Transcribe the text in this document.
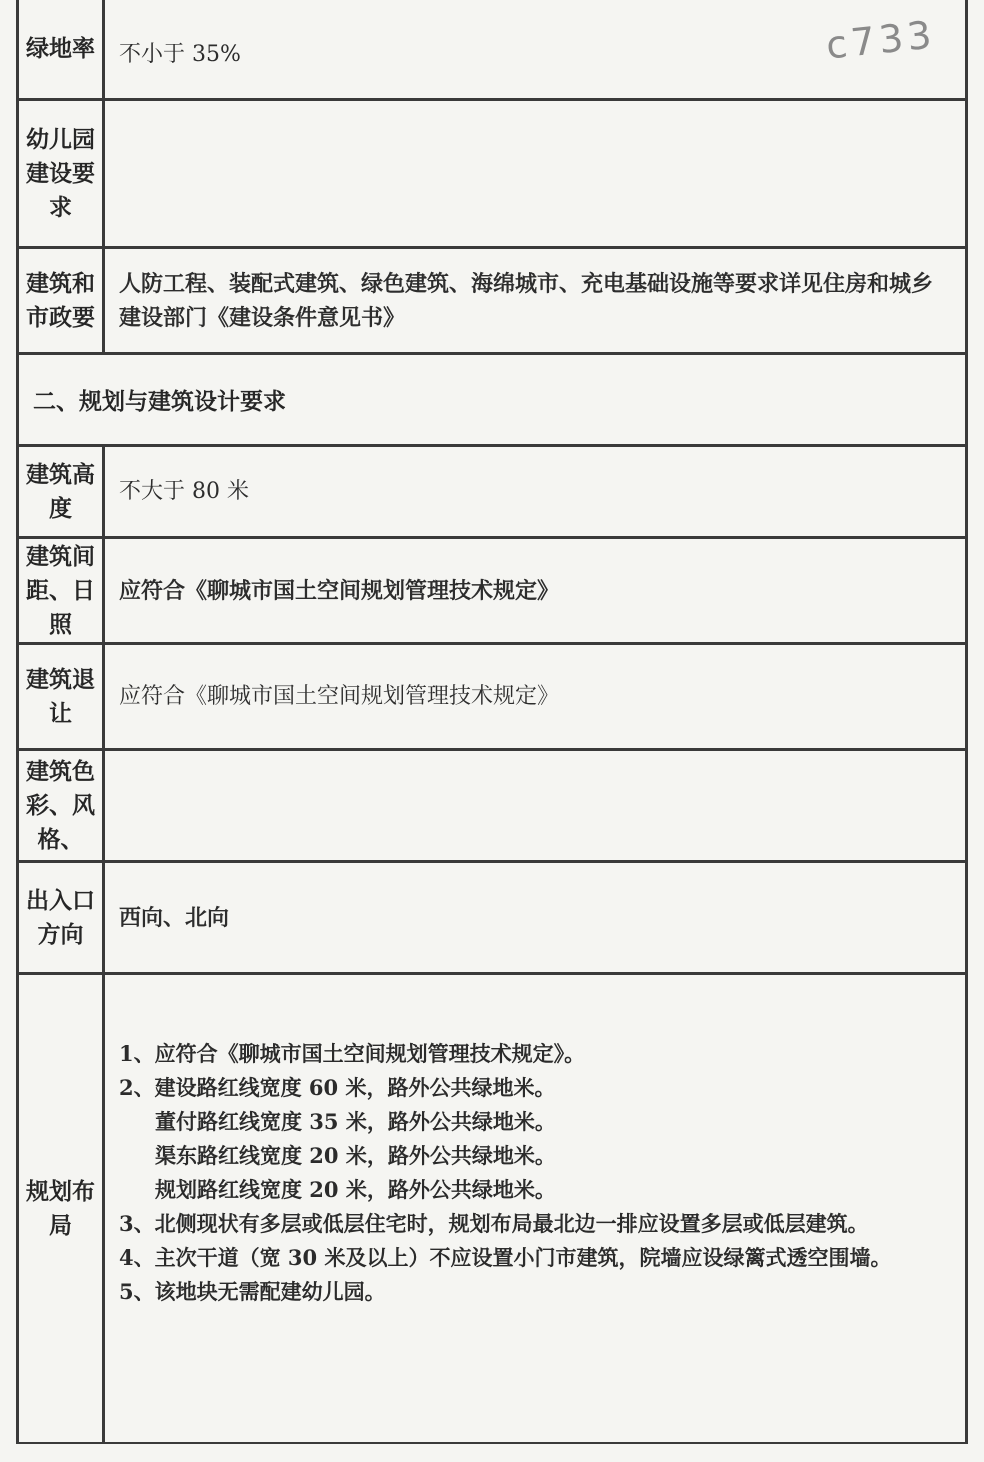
c733
绿地率	不小于 35%
幼儿园建设要求
建筑和市政要
人防工程、装配式建筑、绿色建筑、海绵城市、充电基础设施等要求详见住房和城乡建设部门《建设条件意见书》
二、规划与建筑设计要求
建筑高度
不大于 80 米
建筑间距、日照
应符合《聊城市国土空间规划管理技术规定》
建筑退让
应符合《聊城市国土空间规划管理技术规定》
建筑色彩、风格、
出入口方向
西向、北向
规划布局
1、应符合《聊城市国土空间规划管理技术规定》。
2、建设路红线宽度 60 米，路外公共绿地米。
董付路红线宽度 35 米，路外公共绿地米。
渠东路红线宽度 20 米，路外公共绿地米。
规划路红线宽度 20 米，路外公共绿地米。
3、北侧现状有多层或低层住宅时，规划布局最北边一排应设置多层或低层建筑。
4、主次干道（宽 30 米及以上）不应设置小门市建筑，院墙应设绿篱式透空围墙。
5、该地块无需配建幼儿园。
